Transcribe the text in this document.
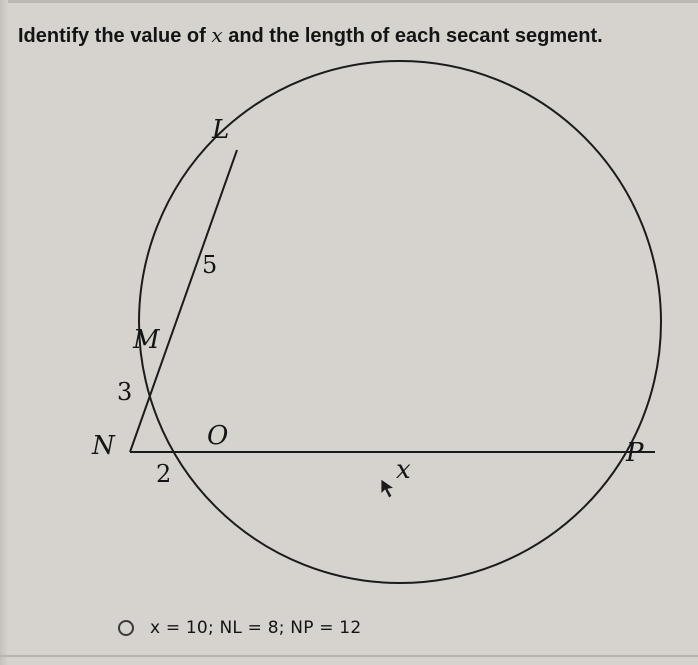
Identify the value of x and the length of each secant segment.
L
M
N	O
P
5
3
2	x
x = 10; NL = 8; NP = 12
